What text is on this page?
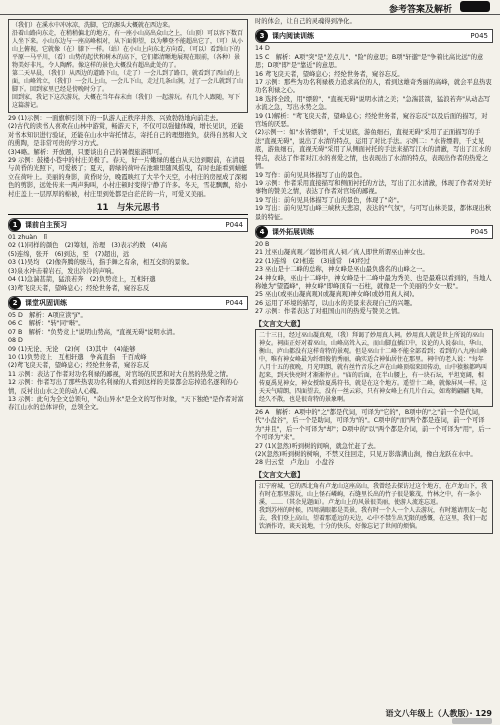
参考答案及解析

（我们）在溪水中冲冰凉，洗脚，它的源头大概就在西边来。

沿着山路向东走，在稍稍偏北的地方，有一座小山高出众山之上，（山顶）可以容下数百人坐下来。小山东边与一座高峰相对，从下面仰望，以为攀登不能超出它了，（可）从小山上俯视，它就像（在）膝下一样。（站）在小山上向东北方向看，（可以）看到山下的平原一马平川，（看）山势的起伏和树木的高下，它们都清晰地展现在眼前，（各种）景物美好非凡，令人陶醉。像这样的景色大概没有超出此处的了。

第二天早晨，（我们）从西边的道路下山，（走了）一会儿到了路口，就看到了西山的上面，山峰耸立，（我们）一会儿上山，一会儿下山，走过几条山涧，过了一会儿就到了山脚下。回到家里已经是傍晚时分了。

回到家，我记下这次游玩，大概在当年春末由（我们）一起游玩。有几个人跟随，写下这篇游记。

29 (1)示例：一面旗帜引领下的一队游人正秩序井然、兴致勃勃地向前走去。

(2)古代的读书人喜欢在山林中游赏，畅游天下，不仅可以强健体魄，增长见识，还能对书本知识进行验证，还能在山水中寄托情志，寄托自己的理想抱负，获得自然和人文的熏陶，是非常可贵的学习方式。

(3)4略。解析：开放题，只要谈出自己的暑假旅游即可。

29 示例：鼓楼小巷中的村庄美极了。春天，好一片嫩绿的蔓白从天边到眼前，在清晨与黄昏的光照下，可爱极了；夏天，碧绿的荷叶在池塘里随风摇曳，有时也能看到蜻蜓立在荷叶上。美丽的身影，黄昏时分，晚霞映红了大半个天空，小村庄的房屋成了深褐色的剪影，远处传来一两声狗叫，小村庄顿时变得宁静了许多。冬天，雪花飘飘，给小村庄盖上一层厚厚的棉被，村庄里到处都是白茫茫的一片，可爱又美丽。

11　与朱元思书
1	课前自主预习	P044

01 zhuàn　lǐ

02 (1)同样的颜色　(2)筹划，治理　(3)表示约数　(4)高

(5)连绵，张开　(6)到达，至　(7)超出，远

03 (1)吴均　(2)像奔腾的骏马，指手舞之有余，相互交织的景象。

(3)泉水冲击着岩石，发出泠泠的声响。

04 (1)急湍甚箭，猛浪若奔　(2)负势竞上，互相轩邈

(3)鸢飞戾天者，望峰息心；经纶世务者，窥谷忘反

2	课堂巩固训练	P044

05 D　解析：A项应读"jí"。

06 C　解析："转"同"啭"。

07 B　解析："负势竞上"说明山势高，"直视无碍"说明水清。

08 D

09 (1)无论、无论　(2)何　(3)其中　(4)能够

10 (1)负势竞上　互相轩邈　争高直指　千百成峰

(2)鸢飞戾天者，望峰息心；经纶世务者，窥谷忘反

11 示例：表达了作者对功名利禄的鄙视，对官场的厌恶和对大自然的热爱之情。

12 示例：作者写出了那些热衷功名利禄的人看到这样的美景都会忘掉追名逐利的心情，反衬出山水之美的动人心魄。

13 示例：此句为全文总领句，"奇山异水"是全文的写作对象，"天下独绝"是作者对富春江山水的总体评价，总领全文。

时的体会，让自己的灵魂得到净化。

3	课内阅读训练	P045

14 D

15 C　解析：A项"突"是"差点儿"、"险"的意思；B项"轩邈"是"争着比高比远"的意思；D项"即"是"靠近"的意思。

16 鸢飞戾天者，望峰息心；经纶世务者，窥谷忘反。

17 示例：那些为功名利禄极力追求高位的人，看到这雄奇秀丽的高峰，就会平息热衷功名利禄之心。

18 选择全段，用"缥碧"、"直视无碍"说明水清之美；"急湍甚箭，猛浪若奔"从动态写水流之急，写出水势之急。

19 (1)解析："鸢飞戾天者，望峰息心；经纶世务者，窥谷忘反"以及后面的描写，对官场的厌恶。

(2)示例一：如"水皆缥碧"，千丈见底，游鱼细石，直视无碍"采用了正面描写的手法"直视无碍"，说出了水清的特点，运用了对比手法。示例二："水皆缥碧，千丈见底，游鱼细石，直视无碍"采用了从侧面衬托的手法来描写江水的清澈，写出了江水的特点，表达了作者对江水的喜爱之情，也表现出了水清的特点，表现出作者的热爱之情。

19 写作：前句见具体描写了山的景色。

19 示例：作者采用直接描写和侧面衬托的方法，写出了江水清澈，体现了作者对美好事物的赞美之情，表达了作者对官场的鄙视。

19 写出：前句见具体描写了山的景色，体现了"奇"。

19 写出：前句见写山峰三峡秋天悲凉，表达的"气氛"，与可写山林美景，都体现出秋景的特征。

4	课外拓展训练	P045

20 B

21 过巫山凝真观／谒妙用真人祠／真人即世所谓巫山神女也。

22 (1)连绵　(2)相连　(3)通常　(4)经过

23 巫山是十二峰的总称，神女峰是巫山最负盛名的山峰之一。

24 神女峰，巫山十二峰中，神女峰是十二峰中最为秀美、也是最难以看到的，当地人称她为"望霞峰"，神女峰"即峰顶有一石柱，就像是一个美丽的少女一般"。

25 巫山(或巫山凝真观)(或凝真观)神女峰(或妙用真人祠)。

26 运用了环境的描写，以山水的美景来表现自己的兴趣。

27 示例：作者表达了对祖国山川的热爱与赞美之情。

【文言文大意】

二十三日，经过巫山凝真观，（我）拜谒了妙用真人祠。妙用真人就是世上所说的巫山神女。祠庙正好对着巫山，山峰高耸入云，而山脚直插江中，议论的人说泰山、华山、衡山、庐山都没有这样奇特的景观。但是巫山十二峰不能全部看到；看到的八九座山峰中，唯有神女峰最为纤细俊俏秀丽，确实适合神仙居住在那里。祠中的老人说："每年八月十五的夜晚，月光明朗，就有丝竹音乐之声在山峰顶端来回传动，山中猿猴都鸣叫起来，到天快亮时才渐渐停止。"庙的后面，在半山腰上，有一块石坛，平坦宽阔，相传夏禹见神女，神女授给夏禹符书，就是在这个地方。遥望十二峰，就像屏风一样。这天天气晴朗，四面望去，没有一丝云彩，只有神女峰上有几片白云，如鸾鹤翩翩飞舞，经久不散，也是很奇特的景象啊。

26 A　解析：A项中的"之"都是代词，可译为"它的"，B项中的"之"前一个是代词，代"小盘谷"，后一个是助词，可译为"的"。C项中的"而"两个都是连词，前一个可译为"并且"，后一个可译为"却"；D项中的"以"两个都是介词，前一个可译为"用"，后一个可译为"来"。

27 (1)(忽然)听到树的间响，就急忙赶了去。

(2)(忽然)听到树的树响，不禁又往回走，只见万影落满山涧，像白龙跃在水中。

28 归云堂　卢龙山　小盘谷

【文言文大意】

江宁府城，它的西北角有卢龙山这座高山，我曾经去探访过这个地方，在卢龙山下，我有时在那里游玩，山上怪石嶙峋，石缝里长出的竹子很是繁茂，竹林之中，有一条小溪，……（其余见题面）。卢龙山上的风景很美丽，使游人流连忘返。

我到苏州的时候，四周满眼都是美景，我有时一个人一个人去游玩，有时邀请朋友一起去，我们登上高山，望着那遥远的天边，心中不禁生出无限的感慨，在这里，我们一起饮酒作诗，谈天说地，十分的快乐，好像忘记了世间的烦恼。

语文八年级上（人教版）· 129
